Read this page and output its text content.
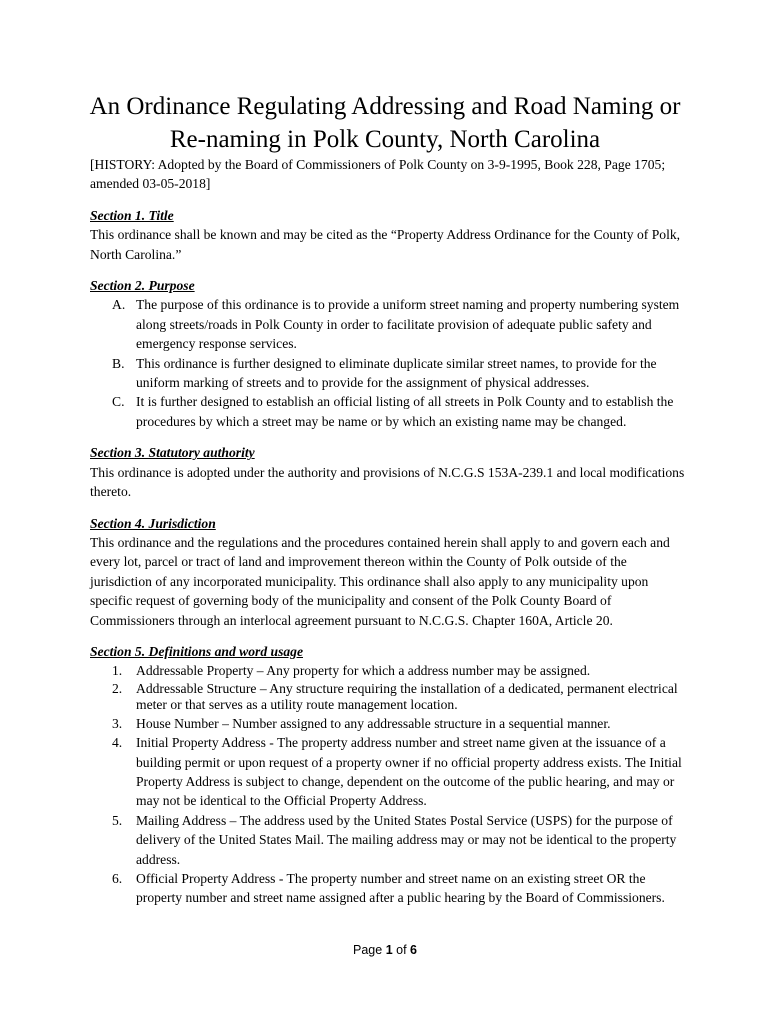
An Ordinance Regulating Addressing and Road Naming or
Re-naming in Polk County, North Carolina

[HISTORY: Adopted by the Board of Commissioners of Polk County on 3-9-1995, Book 228, Page 1705; amended 03-05-2018]

Section 1. Title

This ordinance shall be known and may be cited as the “Property Address Ordinance for the County of Polk, North Carolina.”

Section 2. Purpose
A. The purpose of this ordinance is to provide a uniform street naming and property numbering system along streets/roads in Polk County in order to facilitate provision of adequate public safety and emergency response services.
B. This ordinance is further designed to eliminate duplicate similar street names, to provide for the uniform marking of streets and to provide for the assignment of physical addresses.
C. It is further designed to establish an official listing of all streets in Polk County and to establish the procedures by which a street may be name or by which an existing name may be changed.
Section 3. Statutory authority

This ordinance is adopted under the authority and provisions of N.C.G.S 153A-239.1 and local modifications thereto.

Section 4. Jurisdiction

This ordinance and the regulations and the procedures contained herein shall apply to and govern each and every lot, parcel or tract of land and improvement thereon within the County of Polk outside of the jurisdiction of any incorporated municipality. This ordinance shall also apply to any municipality upon specific request of governing body of the municipality and consent of the Polk County Board of Commissioners through an interlocal agreement pursuant to N.C.G.S. Chapter 160A, Article 20.

Section 5. Definitions and word usage
1. Addressable Property – Any property for which a address number may be assigned.
2. Addressable Structure – Any structure requiring the installation of a dedicated, permanent electrical meter or that serves as a utility route management location.
3. House Number – Number assigned to any addressable structure in a sequential manner.
4. Initial Property Address - The property address number and street name given at the issuance of a building permit or upon request of a property owner if no official property address exists. The Initial Property Address is subject to change, dependent on the outcome of the public hearing, and may or may not be identical to the Official Property Address.
5. Mailing Address – The address used by the United States Postal Service (USPS) for the purpose of delivery of the United States Mail. The mailing address may or may not be identical to the property address.
6. Official Property Address - The property number and street name on an existing street OR the property number and street name assigned after a public hearing by the Board of Commissioners.
Page 1 of 6
